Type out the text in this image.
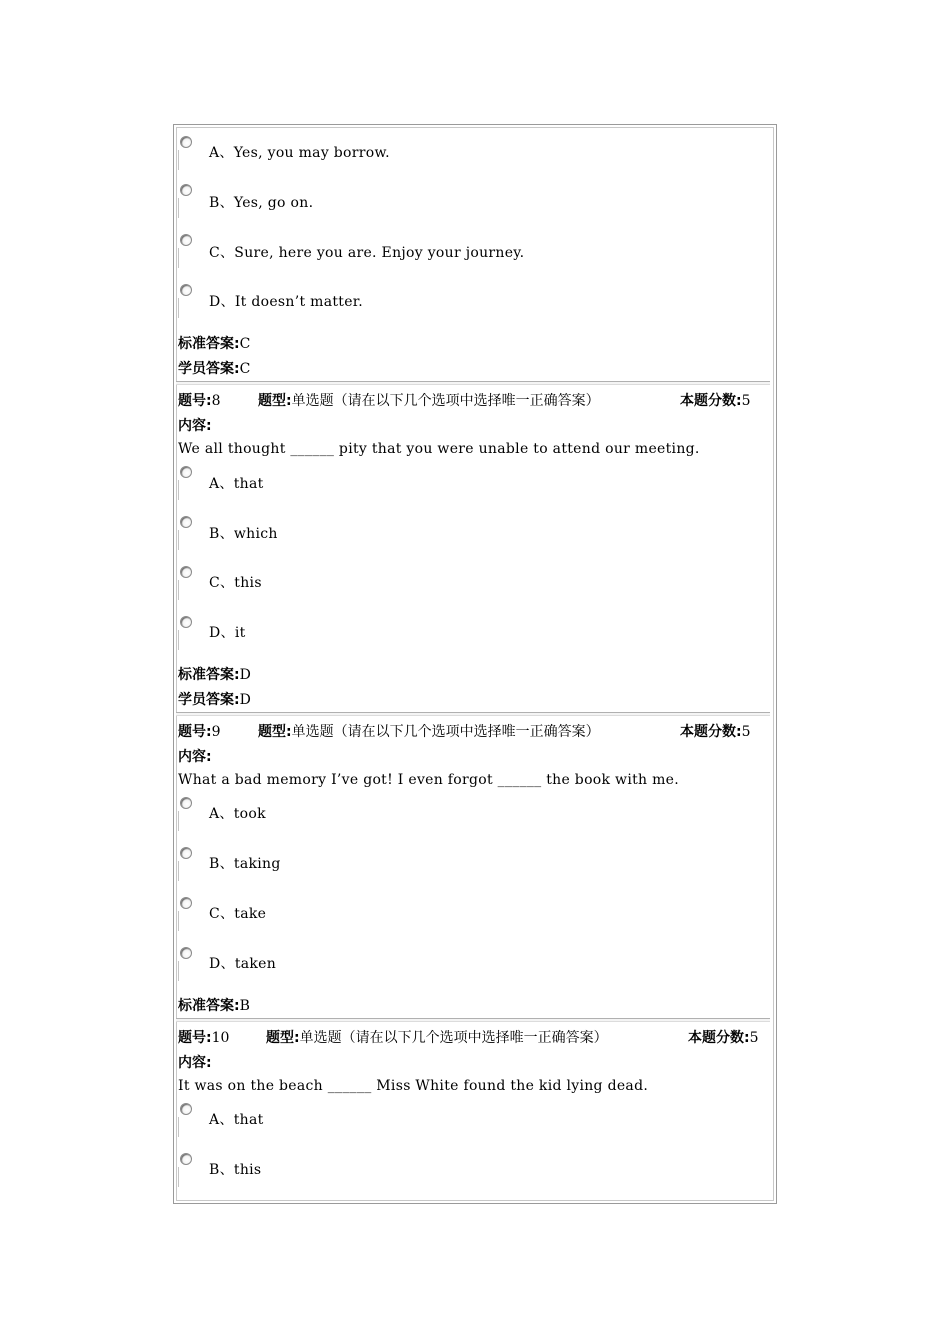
A、Yes, you may borrow.
B、Yes, go on.
C、Sure, here you are. Enjoy your journey.
D、It doesn’t matter.
标准答案:C
学员答案:C
题号:8	题型:单选题（请在以下几个选项中选择唯一正确答案）	本题分数:5
内容:
We all thought ______ pity that you were unable to attend our meeting.
A、that
B、which
C、this
D、it
标准答案:D
学员答案:D
题号:9	题型:单选题（请在以下几个选项中选择唯一正确答案）	本题分数:5
内容:
What a bad memory I’ve got! I even forgot ______ the book with me.
A、took
B、taking
C、take
D、taken
标准答案:B
题号:10	题型:单选题（请在以下几个选项中选择唯一正确答案）	本题分数:5
内容:
It was on the beach ______ Miss White found the kid lying dead.
A、that
B、this
